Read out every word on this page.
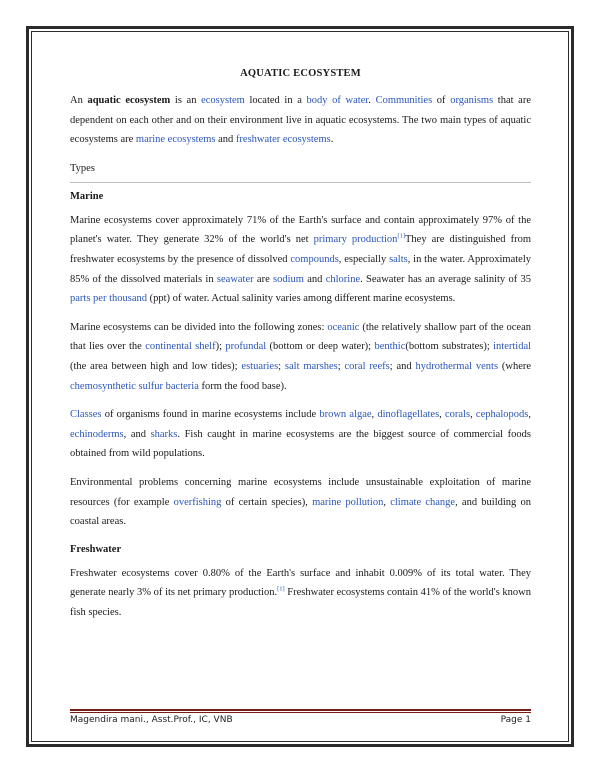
AQUATIC ECOSYSTEM

An aquatic ecosystem is an ecosystem located in a body of water. Communities of organisms that are dependent on each other and on their environment live in aquatic ecosystems. The two main types of aquatic ecosystems are marine ecosystems and freshwater ecosystems.

Types
Marine

Marine ecosystems cover approximately 71% of the Earth's surface and contain approximately 97% of the planet's water. They generate 32% of the world's net primary production[1]They are distinguished from freshwater ecosystems by the presence of dissolved compounds, especially salts, in the water. Approximately 85% of the dissolved materials in seawater are sodium and chlorine. Seawater has an average salinity of 35 parts per thousand (ppt) of water. Actual salinity varies among different marine ecosystems.

Marine ecosystems can be divided into the following zones: oceanic (the relatively shallow part of the ocean that lies over the continental shelf); profundal (bottom or deep water); benthic(bottom substrates); intertidal (the area between high and low tides); estuaries; salt marshes; coral reefs; and hydrothermal vents (where chemosynthetic sulfur bacteria form the food base).

Classes of organisms found in marine ecosystems include brown algae, dinoflagellates, corals, cephalopods, echinoderms, and sharks. Fish caught in marine ecosystems are the biggest source of commercial foods obtained from wild populations.

Environmental problems concerning marine ecosystems include unsustainable exploitation of marine resources (for example overfishing of certain species), marine pollution, climate change, and building on coastal areas.

Freshwater

Freshwater ecosystems cover 0.80% of the Earth's surface and inhabit 0.009% of its total water. They generate nearly 3% of its net primary production.[1] Freshwater ecosystems contain 41% of the world's known fish species.

Magendira mani., Asst.Prof., IC, VNB	Page 1
